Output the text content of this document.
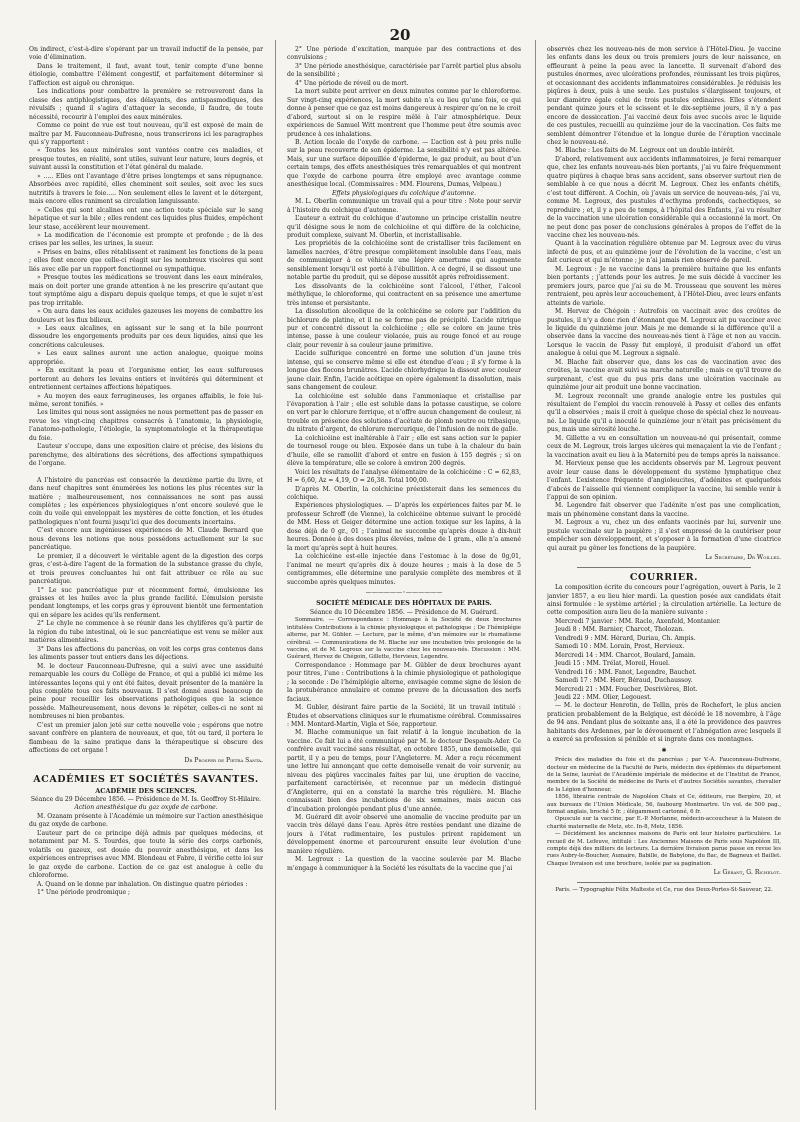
20

On indirect, c’est-à-dire s’opérant par un travail inductif de la pensée, par voie d’élimination.

Dans le traitement, il faut, avant tout, tenir compte d’une bonne étiologie, combattre l’élément congestif, et parfaitement déterminer si l’affection est aiguë ou chronique.

Les indications pour combattre la première se retrouveront dans la classe des antiphlogistiques, des délayants, des antispasmodiques, des révulsifs ; quand il s’agira d’attaquer la seconde, il faudra, de toute nécessité, recourir à l’emploi des eaux minérales.

Comme ce point de vue est tout nouveau, qu’il est exposé de main de maître par M. Fauconneau-Dufresne, nous transcrirons ici les paragraphes qui s’y rapportent :

« Toutes les eaux minérales sont vantées contre ces maladies, et presque toutes, en réalité, sont utiles, suivant leur nature, leurs degrés, et suivant aussi la constitution et l’état général du malade.

» ..... Elles ont l’avantage d’être prises longtemps et sans répugnance. Absorbées avec rapidité, elles cheminent soit seules, soit avec les sucs nutritifs à travers le foie..... Non seulement elles le lavent et le détergent, mais encore elles raniment sa circulation languissante.

» Celles qui sont alcalines ont une action toute spéciale sur le sang hépatique et sur la bile ; elles rendent ces liquides plus fluides, empêchent leur stase, accélèrent leur mouvement.

» La modification de l’économie est prompte et profonde ; de là des crises par les selles, les urines, la sueur.

» Prises en bains, elles rétablissent et raniment les fonctions de la peau ; elles font encore que celle-ci réagit sur les nombreux viscères qui sont liés avec elle par un rapport fonctionnel ou sympathique.

» Presque toutes les médications se trouvent dans les eaux minérales, mais on doit porter une grande attention à ne les prescrire qu’autant que tout symptôme aigu a disparu depuis quelque temps, et que le sujet n’est pas trop irritable.

» On aura dans les eaux acidules gazeuses les moyens de combattre les douleurs et les flux bilieux.

» Les eaux alcalines, en agissant sur le sang et la bile pourront dissoudre les engorgements produits par ces deux liquides, ainsi que les concrétions calculeuses.

» Les eaux salines auront une action analogue, quoique moins appropriée.

» En excitant la peau et l’organisme entier, les eaux sulfureuses porteront au dehors les levains entiers et invétérés qui déterminent et entretiennent certaines affections hépatiques.

» Au moyen des eaux ferrugineuses, les organes affaiblis, le foie lui-même, seront tonifiés. »

Les limites qui nous sont assignées ne nous permettent pas de passer en revue les vingt-cinq chapitres consacrés à l’anatomie, la physiologie, l’anatomo-pathologie, l’étiologie, la symptomatologie et la thérapeutique du foie.

L’auteur s’occupe, dans une exposition claire et précise, des lésions du parenchyme, des altérations des sécrétions, des affections sympathiques de l’organe.

A l’histoire du pancréas est consacrée la deuxième partie du livre, et dans neuf chapitres sont énumérées les notions les plus récentes sur la matière ; malheureusement, nos connaissances ne sont pas aussi complètes ; les expériences physiologiques n’ont encore soulevé que le coin du voile qui enveloppait les mystères de cette fonction, et les études pathologiques n’ont fourni jusqu’ici que des documents incertains.

C’est encore aux ingénieuses expériences de M. Claude Bernard que nous devons les notions que nous possédons actuellement sur le suc pancréatique.

Le premier, il a découvert le véritable agent de la digestion des corps gras, c’est-à-dire l’agent de la formation de la substance grasse du chyle, et trois preuves concluantes lui ont fait attribuer ce rôle au suc pancréatique.

1° Le suc pancréatique pur et récemment formé, émulsionne les graisses et les huiles avec la plus grande facilité. L’émulsion persiste pendant longtemps, et les corps gras y éprouvent bientôt une fermentation qui en sépare les acides qu’ils renferment.

2° Le chyle ne commence à se réunir dans les chylifères qu’à partir de la région du tube intestinal, où le suc pancréatique est venu se mêler aux matières alimentaires.

3° Dans les affections du pancréas, on voit les corps gras contenus dans les aliments passer tout entiers dans les déjections.

M. le docteur Fauconneau-Dufresne, qui a suivi avec une assiduité remarquable les cours du Collège de France, et qui a publié ici même les intéressantes leçons qui y ont été faites, devait présenter de la manière la plus complète tous ces faits nouveaux. Il s’est donné aussi beaucoup de peine pour recueillir les observations pathologiques que la science possède. Malheureusement, nous devons le répéter, celles-ci ne sont ni nombreuses ni bien probantes.

C’est un premier jalon jeté sur cette nouvelle voie ; espérons que notre savant confrère en plantera de nouveaux, et que, tôt ou tard, il portera le flambeau de la saine pratique dans la thérapeutique si obscure des affections de cet organe !

Dr Prosper de Pietra Santa.

ACADÉMIES ET SOCIÉTÉS SAVANTES.

ACADÉMIE DES SCIENCES.

Séance du 29 Décembre 1856. — Présidence de M. Is. Geoffroy St-Hilaire.

Action anesthésique du gaz oxyde de carbone.

M. Ozanam présente à l’Académie un mémoire sur l’action anesthésique du gaz oxyde de carbone.

L’auteur part de ce principe déjà admis par quelques médecins, et notamment par M. S. Tourdes, que toute la série des corps carbonés, volatils ou gazeux, est douée du pouvoir anesthésique, et dans les expériences entreprises avec MM. Blondeau et Fabre, il vérifie cette loi sur le gaz oxyde de carbone. L’action de ce gaz est analogue à celle du chloroforme.

A. Quand on le donne par inhalation. On distingue quatre périodes :

1° Une période prodromique ;

2° Une période d’excitation, marquée par des contractions et des convulsions ;

3° Une période anesthésique, caractérisée par l’arrêt partiel plus absolu de la sensibilité ;

4° Une période de réveil ou de mort.

La mort subite peut arriver en deux minutes comme par le chloroforme. Sur vingt-cinq expériences, la mort subite n’a eu lieu qu’une fois, ce qui donne à penser que ce gaz est moins dangereux à respirer qu’on ne le croit d’abord, surtout si on le respire mêlé à l’air atmosphérique. Deux expériences de Samuel Witt montrent que l’homme peut être soumis avec prudence à ces inhalations.

B. Action locale de l’oxyde de carbone. — L’action est à peu près nulle sur la peau recouverte de son épiderme. La sensibilité n’y est pas altérée. Mais, sur une surface dépouillée d’épiderme, le gaz produit, au bout d’un certain temps, des effets anesthésiques très remarquables et qui montrent que l’oxyde de carbone pourra être employé avec avantage comme anesthésique local. (Commissaires : MM. Flourens, Dumas, Velpeau.)

Effets physiologiques du colchique d’automne.

M. L. Oberlin communique un travail qui a pour titre : Note pour servir à l’histoire du colchique d’automne.

L’auteur a extrait du colchique d’automne un principe cristallin neutre qu’il désigne sous le nom de colchicéine et qui diffère de la colchicine, produit complexe, suivant M. Oberlin, et incristallisable.

Les propriétés de la colchicéine sont de cristalliser très facilement en lamelles nacrées, d’être presque complètement insoluble dans l’eau, mais de communiquer à ce véhicule une légère amertume qui augmente sensiblement lorsqu’il est porté à l’ébullition. A ce degré, il se dissout une notable partie du produit, qui se dépose aussitôt après refroidissement.

Les dissolvants de la colchicéine sont l’alcool, l’éther, l’alcool méthylique, le chloroforme, qui contractent en sa présence une amertume très intense et persistante.

La dissolution alcoolique de la colchicéine se colore par l’addition du bichlorure de platine, et il ne se forme pas de précipité. L’acide nitrique pur et concentré dissout la colchicéine ; elle se colore en jaune très intense, passe à une couleur violacée, puis au rouge foncé et au rouge clair, pour revenir à sa couleur jaune primitive.

L’acide sulfurique concentré en forme une solution d’un jaune très intense, qui se conserve même si elle est étendue d’eau ; il s’y forme à la longue des flocons brunâtres. L’acide chlorhydrique la dissout avec couleur jaune clair. Enfin, l’acide acétique en opère également la dissolution, mais sans changement de couleur.

La colchicéine est soluble dans l’ammoniaque et cristallise par l’évaporation à l’air ; elle est soluble dans la potasse caustique, se colore en vert par le chlorure ferrique, et n’offre aucun changement de couleur, ni trouble en présence des solutions d’acétate de plomb neutre ou tribasique, du nitrate d’argent, de chlorure mercurique, de l’infusion de noix de galle.

La colchicéine est inaltérable à l’air ; elle est sans action sur le papier de tournesol rouge ou bleu. Exposée dans un tube à la chaleur du bain d’huile, elle se ramollit d’abord et entre en fusion à 155 degrés ; si on élève la température, elle se colore à environ 200 degrés.

Voici les résultats de l’analyse élémentaire de la colchicéine : C = 62,83, H = 6,60, Az = 4,19, O = 26,38. Total 100,00.

D’après M. Oberlin, la colchicine préexisterait dans les semences du colchique.

Expériences physiologiques. — D’après les expériences faites par M. le professeur Schroff (de Vienne), la colchicéine obtenue suivant le procédé de MM. Hess et Geiger détermine une action toxique sur les lapins, à la dose déjà de 0 gr., 01 ; l’animal ne succombe qu’après douze à dix-huit heures. Donnée à des doses plus élevées, même de 1 gram., elle n’a amené la mort qu’après sept à huit heures.

La colchicéine est-elle injectée dans l’estomac à la dose de 0g,01, l’animal ne meurt qu’après dix à douze heures ; mais à la dose de 5 centigrammes, elle détermine une paralysie complète des membres et il succombe après quelques minutes.

——————◦——————

SOCIÉTÉ MÉDICALE DES HÔPITAUX DE PARIS.

Séance du 10 Décembre 1856. — Présidence de M. Guérard.

Sommaire. — Correspondance : Hommage à la Société de deux brochures intitulées Contributions à la chimie physiologique et pathologique ; De l’hémiplégie alterne, par M. Gübler. — Lecture, par le même, d’un mémoire sur le rhumatisme cérébral. — Communications de M. Blache sur une incubation très prolongée de la vaccine, et de M. Legroux sur la vaccine chez les nouveau-nés. Discussion : MM. Guérard, Hervez de Chégoin, Gillette, Hervieux, Legendre.

Correspondance : Hommage par M. Gübler de deux brochures ayant pour titres, l’une : Contributions à la chimie physiologique et pathologique ; la seconde : De l’hémiplégie alterne, envisagée comme signe de lésion de la protubérance annulaire et comme preuve de la décussation des nerfs faciaux.

M. Gubler, désirant faire partie de la Société, lit un travail intitulé : Études et observations cliniques sur le rhumatisme cérébral. Commissaires : MM. Montard-Martin, Vigla et Sée, rapporteur.

M. Blache communique un fait relatif à la longue incubation de la vaccine. Ce fait lui a été communiqué par M. le docteur Despaulx-Ader. Ce confrère avait vacciné sans résultat, en octobre 1855, une demoiselle, qui partit, il y a peu de temps, pour l’Angleterre. M. Ader a reçu récemment une lettre lui annonçant que cette demoiselle venait de voir survenir, au niveau des piqûres vaccinales faites par lui, une éruption de vaccine, parfaitement caractérisée, et reconnue par un médecin distingué d’Angleterre, qui en a constaté la marche très régulière. M. Blache connaissait bien des incubations de six semaines, mais aucun cas d’incubation prolongée pendant plus d’une année.

M. Guérard dit avoir observé une anomalie de vaccine produite par un vaccin très délayé dans l’eau. Après être restées pendant une dizaine de jours à l’état rudimentaire, les pustules prirent rapidement un développement énorme et parcoururent ensuite leur évolution d’une manière régulière.

M. Legroux : La question de la vaccine soulevée par M. Blache m’engage à communiquer à la Société les résultats de la vaccine que j’ai

observés chez les nouveau-nés de mon service à l’Hôtel-Dieu. Je vaccine les enfants dans les deux ou trois premiers jours de leur naissance, en effleurant à peine la peau avec la lancette. Il survenait d’abord des pustules énormes, avec ulcérations profondes, réunissant les trois piqûres, et occasionnant des accidents inflammatoires considérables. Je réduisis les piqûres à deux, puis à une seule. Les pustules s’élargissent toujours, et leur diamètre égale celui de trois pustules ordinaires. Elles s’étendent pendant quinze jours et le scissent et le dix-septième jours, il n’y a pas encore de dessiccation. J’ai vacciné deux fois avec succès avec le liquide de ces pustules, recueilli au quinzième jour de la vaccination. Ces faits me semblent démontrer l’étendue et la longue durée de l’éruption vaccinale chez le nouveau-né.

M. Blache : Les faits de M. Legroux ont un double intérêt.

D’abord, relativement aux accidents inflammatoires, je ferai remarquer que, chez les enfants nouveau-nés bien portants, j’ai vu faire fréquemment quatre piqûres à chaque bras sans accident, sans observer surtout rien de semblable à ce que nous a décrit M. Legroux. Chez les enfants chétifs, c’est tout différent. A Cochin, où j’avais un service de nouveau-nés, j’ai vu, comme M. Legroux, des pustules d’ecthyma profonds, cachectiques, se reproduire ; et, il y a peu de temps, à l’hôpital des Enfants, j’ai vu résulter de la vaccination une ulcération considérable qui a occasionné la mort. On ne peut donc pas poser de conclusions générales à propos de l’effet de la vaccine chez les nouveau-nés.

Quant à la vaccination régulière obtenue par M. Legroux avec du virus infecté de pus, et au quinzième jour de l’évolution de la vaccine, c’est un fait curieux et qui m’étonne ; je n’ai jamais rien observé de pareil.

M. Legroux : Je ne vaccine dans la première huitaine que les enfants bien portants ; j’attends pour les autres. Je me suis décidé à vacciner les premiers jours, parce que j’ai su de M. Trousseau que souvent les mères rentraient, peu après leur accouchement, à l’Hôtel-Dieu, avec leurs enfants atteints de variole.

M. Hervez de Chégoin : Autrefois on vaccinait avec des croûtes de pustules, il n’y a donc rien d’étonnant que M. Legroux ait pu vacciner avec le liquide du quinzième jour. Mais je me demande si la différence qu’il a observée dans la vaccine des nouveau-nés tient à l’âge et non au vaccin. Lorsque le vaccin de Passy fut employé, il produisit d’abord un effet analogue à celui que M. Legroux a signalé.

M. Blache fait observer que, dans les cas de vaccination avec des croûtes, la vaccine avait suivi sa marche naturelle ; mais ce qu’il trouve de surprenant, c’est que du pus pris dans une ulcération vaccinale au quinzième jour ait produit une bonne vaccination.

M. Legroux reconnaît une grande analogie entre les pustules qui résultaient de l’emploi du vaccin renouvelé à Passy et celles des enfants qu’il a observées ; mais il croit à quelque chose de spécial chez le nouveau-né. Le liquide qu’il a inoculé le quinzième jour n’était pas précisément du pus, mais une sérosité louche.

M. Gillette a vu en consultation un nouveau-né qui présentait, comme ceux de M. Legroux, trois larges ulcères qui menaçaient la vie de l’enfant ; la vaccination avait eu lieu à la Maternité peu de temps après la naissance.

M. Hervieux pense que les accidents observés par M. Legroux peuvent avoir leur cause dans le développement du système lymphatique chez l’enfant. L’existence fréquente d’angioleucites, d’adénites et quelquefois d’abcès de l’aisselle qui viennent compliquer la vaccine, lui semble venir à l’appui de son opinion.

M. Legendre fait observer que l’adénite n’est pas une complication, mais un phénomène constant dans la vaccine.

M. Legroux a vu, chez un des enfants vaccinés par lui, survenir une pustule vaccinale sur la paupière ; il s’est empressé de la cautériser pour empêcher son développement, et s’opposer à la formation d’une cicatrice qui aurait pu gêner les fonctions de la paupière.

Le Secrétaire, Dr Woillez.

COURRIER.

La composition écrite du concours pour l’agrégation, ouvert à Paris, le 2 janvier 1857, a eu lieu hier mardi. La question posée aux candidats était ainsi formulée : le système artériel ; la circulation artérielle. La lecture de cette composition aura lieu de la manière suivante :

Mercredi 7 janvier : MM. Racle, Axenfeld, Montanier.

Jeudi 8 : MM. Barnier, Charcot, Tholozan.

Vendredi 9 : MM. Hérard, Duriau, Ch. Ampis.

Samedi 10 : MM. Lorain, Prost, Hervieux.

Mercredi 14 : MM. Charcot, Boulard, Jamain.

Jeudi 15 : MM. Trélat, Moreil, Houel.

Vendredi 16 : MM. Fanot, Legendre, Bauchet.

Samedi 17 : MM. Herr, Béraud, Duchaussoy.

Mercredi 21 : MM. Foucher, Desrivières, Blot.

Jeudi 22 : MM. Olier, Legouest.

— M. le docteur Henrotin, de Tellin, près de Rochefort, le plus ancien praticien probablement de la Belgique, est décédé le 18 novembre, à l’âge de 94 ans. Pendant plus de soixante ans, il a été la providence des pauvres habitants des Ardennes, par le dévouement et l’abnégation avec lesquels il a exercé sa profession si pénible et si ingrate dans ces montagnes.

✱

Précis des maladies du foie et du pancréas ; par V.-A. Fauconneau-Dufresne, docteur en médecine de la Faculté de Paris, médecin des épidémies du département de la Seine, lauréat de l’Académie impériale de médecine et de l’Institut de France, membre de la Société de médecine de Paris et d’autres Sociétés savantes, chevalier de la Légion d’honneur.

1856, librairie centrale de Napoléon Chaix et Ce, éditeurs, rue Bergère, 20, et aux bureaux de l’Union Médicale, 56, faubourg Montmartre. Un vol. de 500 pag., format anglais, broché 5 fr. ; élégamment cartonné, 6 fr.

Opuscule sur la vaccine, par E.-P. Morlanne, médecin-accoucheur à la Maison de charité maternelle de Metz, etc. In-8, Metz, 1856.

— Décidément les anciennes maisons de Paris ont leur histoire particulière. Le recueil de M. Lefeuve, intitulé : Les Anciennes Maisons de Paris sous Napoléon III, compte déjà des milliers de lecteurs. La dernière livraison parue passe en revue les rues Aubry-le-Boucher, Aumaire, Babille, de Babylone, du Bac, de Bagneux et Baillet. Chaque livraison est une brochure, isolée par sa pagination.

Le Gérant, G. Richelot.

Paris. — Typographie Félix Malteste et Ce, rue des Deux-Portes-St-Sauveur, 22.
